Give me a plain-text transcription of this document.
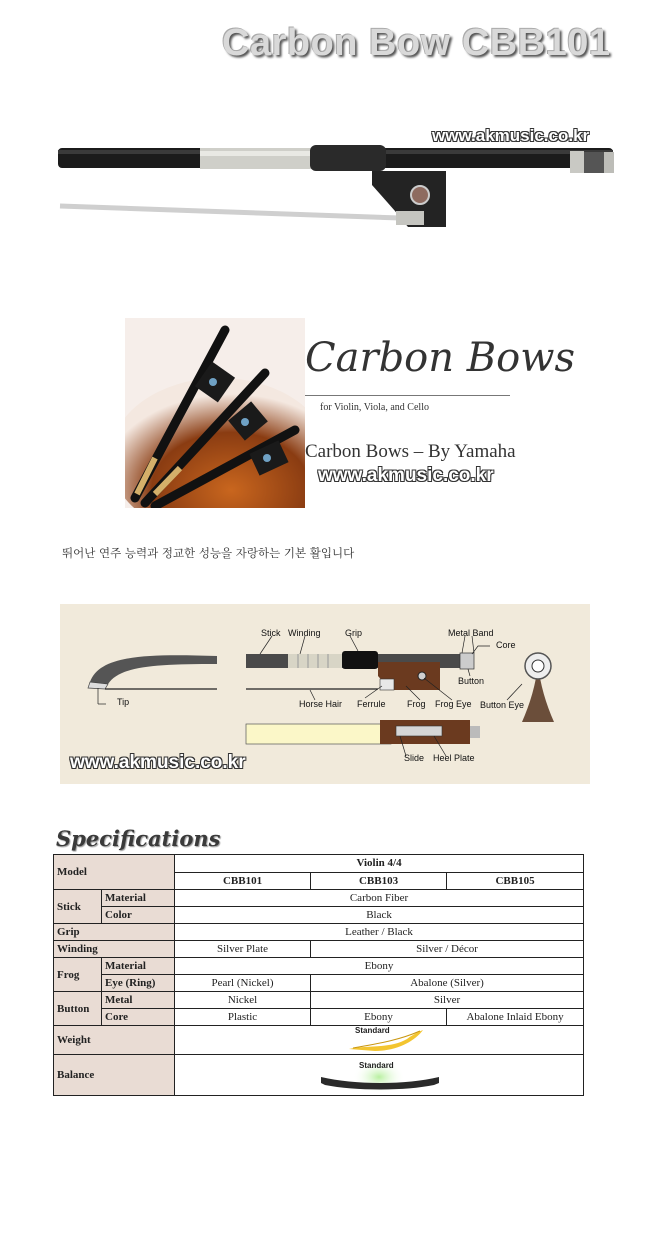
Carbon Bow CBB101
www.akmusic.co.kr
Carbon Bows
for Violin, Viola, and Cello
Carbon Bows – By Yamaha
www.akmusic.co.kr
뛰어난 연주 능력과 정교한 성능을 자랑하는 기본 활입니다
Tip
Stick Winding	Grip	Metal Band
Core
Button
Horse Hair Ferrule Frog Frog Eye Button Eye
Slide Heel Plate
www.akmusic.co.kr
Specifications
Model		Violin 4/4		
		CBB101	CBB103	CBB105
Stick	Material	Carbon Fiber		
	Color	Black		
Grip		Leather / Black		
Winding		Silver Plate	Silver / Décor	
Frog	Material	Ebony		
	Eye (Ring)	Pearl (Nickel)	Abalone (Silver)	
Button	Metal	Nickel	Silver	
	Core	Plastic	Ebony	Abalone Inlaid Ebony
Weight		Standard		

Balance		Standard		
